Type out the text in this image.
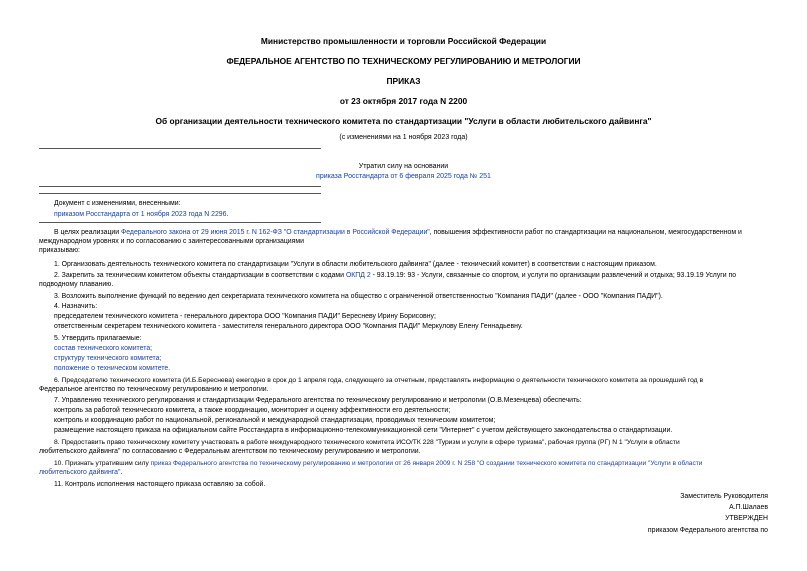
Министерство промышленности и торговли Российской Федерации
ФЕДЕРАЛЬНОЕ АГЕНТСТВО ПО ТЕХНИЧЕСКОМУ РЕГУЛИРОВАНИЮ И МЕТРОЛОГИИ
ПРИКАЗ
от 23 октября 2017 года N 2200
Об организации деятельности технического комитета по стандартизации "Услуги в области любительского дайвинга"
(с изменениями на 1 ноября 2023 года)
Утратил силу на основании
приказа Росстандарта от 6 февраля 2025 года № 251
Документ с изменениями, внесенными:
приказом Росстандарта от 1 ноября 2023 года N 2296.
В целях реализации Федерального закона от 29 июня 2015 г. N 162-ФЗ "О стандартизации в Российской Федерации", повышения эффективности работ по стандартизации на национальном, межгосударственном и
международном уровнях и по согласованию с заинтересованными организациями
приказываю:
1. Организовать деятельность технического комитета по стандартизации "Услуги в области любительского дайвинга" (далее - технический комитет) в соответствии с настоящим приказом.
2. Закрепить за техническим комитетом объекты стандартизации в соответствии с кодами ОКПД 2 - 93.19.19: 93 - Услуги, связанные со спортом, и услуги по организации развлечений и отдыха; 93.19.19 Услуги по
подводному плаванию.
3. Возложить выполнение функций по ведению дел секретариата технического комитета на общество с ограниченной ответственностью "Компания ПАДИ" (далее - ООО "Компания ПАДИ").
4. Назначить:
председателем технического комитета - генерального директора ООО "Компания ПАДИ" Бересневу Ирину Борисовну;
ответственным секретарем технического комитета - заместителя генерального директора ООО "Компания ПАДИ" Меркулову Елену Геннадьевну.
5. Утвердить прилагаемые:
состав технического комитета;
структуру технического комитета;
положение о техническом комитете.
6. Председателю технического комитета (И.Б.Береснева) ежегодно в срок до 1 апреля года, следующего за отчетным, представлять информацию о деятельности технического комитета за прошедший год в
Федеральное агентство по техническому регулированию и метрологии.
7. Управлению технического регулирования и стандартизации Федерального агентства по техническому регулированию и метрологии (О.В.Мезенцева) обеспечить:
контроль за работой технического комитета, а также координацию, мониторинг и оценку эффективности его деятельности;
контроль и координацию работ по национальной, региональной и международной стандартизации, проводимых техническим комитетом;
размещение настоящего приказа на официальном сайте Росстандарта в информационно-телекоммуникационной сети "Интернет" с учетом действующего законодательства о стандартизации.
8. Предоставить право техническому комитету участвовать в работе международного технического комитета ИСО/ТК 228 "Туризм и услуги в сфере туризма", рабочая группа (РГ) N 1 "Услуги в области
любительского дайвинга" по согласованию с Федеральным агентством по техническому регулированию и метрологии.
10. Признать утратившим силу приказ Федерального агентства по техническому регулированию и метрологии от 26 января 2009 г. N 258 "О создании технического комитета по стандартизации "Услуги в области
любительского дайвинга".
11. Контроль исполнения настоящего приказа оставляю за собой.
Заместитель Руководителя
А.П.Шалаев
УТВЕРЖДЕН
приказом Федерального агентства по
